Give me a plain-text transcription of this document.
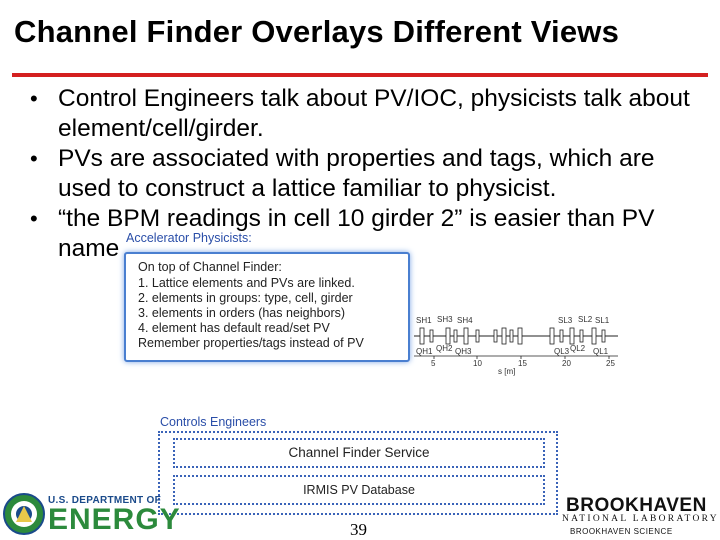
Channel Finder Overlays Different Views
• Control Engineers talk about PV/IOC, physicists talk about element/cell/girder.
• PVs are associated with properties and tags, which are used to construct a lattice familiar to physicist.
• “the BPM readings in cell 10 girder 2” is easier than PV name Accelerator Physicists:
On top of Channel Finder:
1. Lattice elements and PVs are linked.
2. elements in groups: type, cell, girder
3. elements in orders (has neighbors)
4. element has default read/set PV
Remember properties/tags instead of PV
SH1 SH3 SH4	SL3 SL2 SL1
QH1 QH2 QH3	QL3 QL2 QL1
5	10	15	20	25
s [m]
Controls Engineers
Channel Finder Service
IRMIS PV Database
U.S. DEPARTMENT OF
ENERGY	39
BROOKHAVEN
NATIONAL LABORATORY
BROOKHAVEN SCIENCE
